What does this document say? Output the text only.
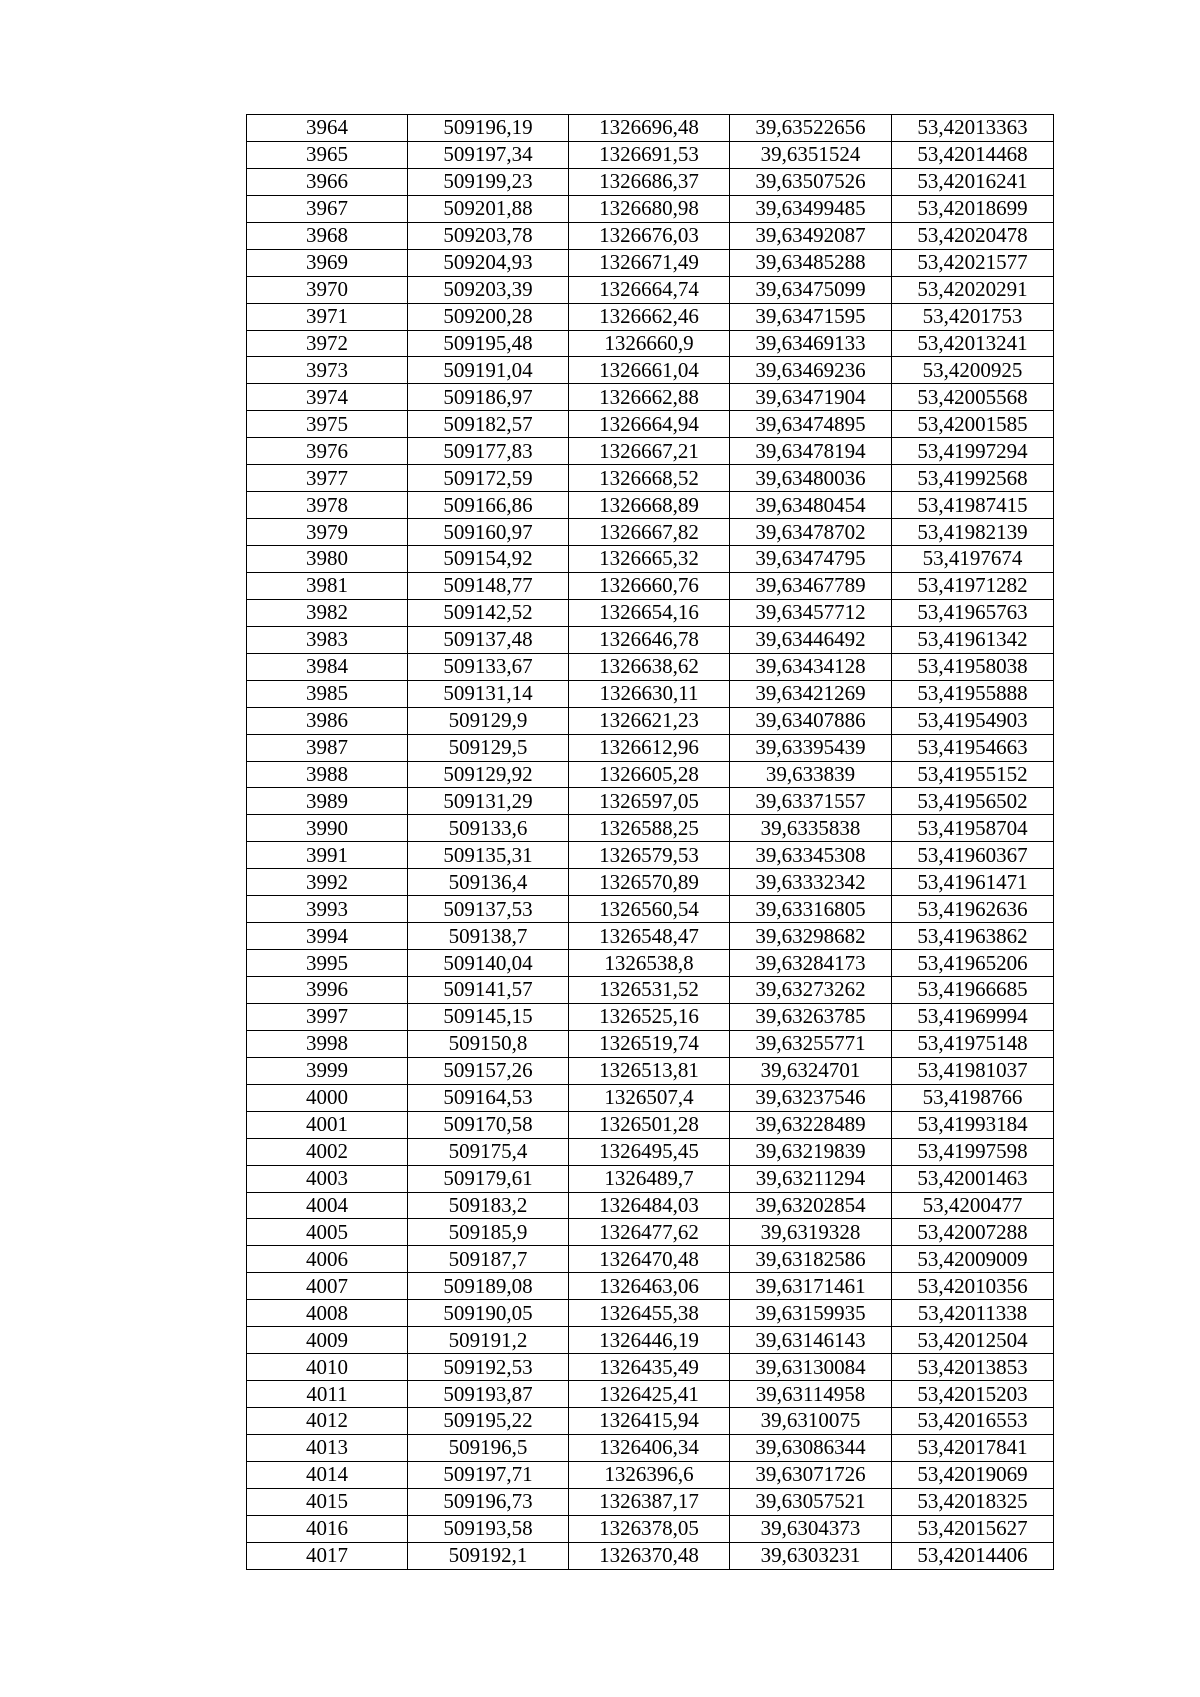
3964	509196,19	1326696,48	39,63522656	53,42013363
3965	509197,34	1326691,53	39,6351524	53,42014468
3966	509199,23	1326686,37	39,63507526	53,42016241
3967	509201,88	1326680,98	39,63499485	53,42018699
3968	509203,78	1326676,03	39,63492087	53,42020478
3969	509204,93	1326671,49	39,63485288	53,42021577
3970	509203,39	1326664,74	39,63475099	53,42020291
3971	509200,28	1326662,46	39,63471595	53,4201753
3972	509195,48	1326660,9	39,63469133	53,42013241
3973	509191,04	1326661,04	39,63469236	53,4200925
3974	509186,97	1326662,88	39,63471904	53,42005568
3975	509182,57	1326664,94	39,63474895	53,42001585
3976	509177,83	1326667,21	39,63478194	53,41997294
3977	509172,59	1326668,52	39,63480036	53,41992568
3978	509166,86	1326668,89	39,63480454	53,41987415
3979	509160,97	1326667,82	39,63478702	53,41982139
3980	509154,92	1326665,32	39,63474795	53,4197674
3981	509148,77	1326660,76	39,63467789	53,41971282
3982	509142,52	1326654,16	39,63457712	53,41965763
3983	509137,48	1326646,78	39,63446492	53,41961342
3984	509133,67	1326638,62	39,63434128	53,41958038
3985	509131,14	1326630,11	39,63421269	53,41955888
3986	509129,9	1326621,23	39,63407886	53,41954903
3987	509129,5	1326612,96	39,63395439	53,41954663
3988	509129,92	1326605,28	39,633839	53,41955152
3989	509131,29	1326597,05	39,63371557	53,41956502
3990	509133,6	1326588,25	39,6335838	53,41958704
3991	509135,31	1326579,53	39,63345308	53,41960367
3992	509136,4	1326570,89	39,63332342	53,41961471
3993	509137,53	1326560,54	39,63316805	53,41962636
3994	509138,7	1326548,47	39,63298682	53,41963862
3995	509140,04	1326538,8	39,63284173	53,41965206
3996	509141,57	1326531,52	39,63273262	53,41966685
3997	509145,15	1326525,16	39,63263785	53,41969994
3998	509150,8	1326519,74	39,63255771	53,41975148
3999	509157,26	1326513,81	39,6324701	53,41981037
4000	509164,53	1326507,4	39,63237546	53,4198766
4001	509170,58	1326501,28	39,63228489	53,41993184
4002	509175,4	1326495,45	39,63219839	53,41997598
4003	509179,61	1326489,7	39,63211294	53,42001463
4004	509183,2	1326484,03	39,63202854	53,4200477
4005	509185,9	1326477,62	39,6319328	53,42007288
4006	509187,7	1326470,48	39,63182586	53,42009009
4007	509189,08	1326463,06	39,63171461	53,42010356
4008	509190,05	1326455,38	39,63159935	53,42011338
4009	509191,2	1326446,19	39,63146143	53,42012504
4010	509192,53	1326435,49	39,63130084	53,42013853
4011	509193,87	1326425,41	39,63114958	53,42015203
4012	509195,22	1326415,94	39,6310075	53,42016553
4013	509196,5	1326406,34	39,63086344	53,42017841
4014	509197,71	1326396,6	39,63071726	53,42019069
4015	509196,73	1326387,17	39,63057521	53,42018325
4016	509193,58	1326378,05	39,6304373	53,42015627
4017	509192,1	1326370,48	39,6303231	53,42014406
